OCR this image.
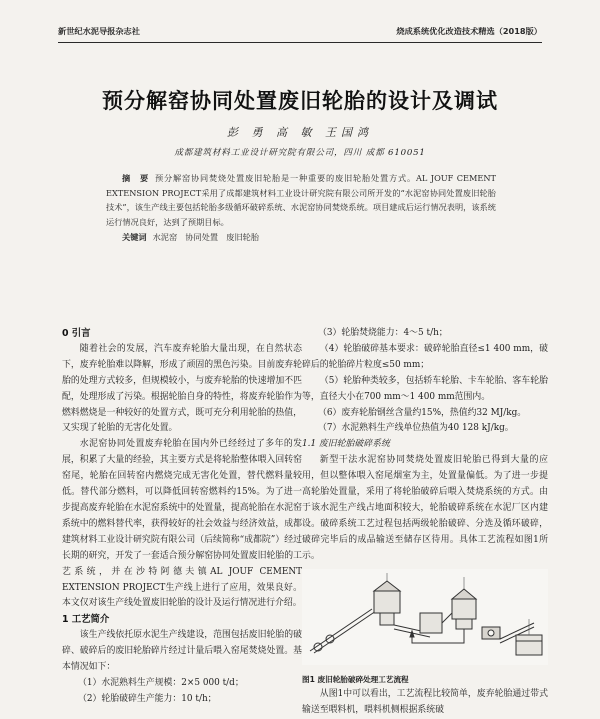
新世纪水泥导报杂志社	烧成系统优化改造技术精选（2018版）
预分解窑协同处置废旧轮胎的设计及调试
彭 勇 高 敏 王国鸿
成都建筑材料工业设计研究院有限公司，四川 成都 610051
摘　要 预分解窑协同焚烧处置废旧轮胎是一种重要的废旧轮胎处置方式。AL JOUF CEMENT EXTENSION PROJECT采用了成都建筑材料工业设计研究院有限公司所开发的“水泥窑协同处置废旧轮胎技术”，该生产线主要包括轮胎多级循环破碎系统、水泥窑协同焚烧系统。项目建成后运行情况表明，该系统运行情况良好，达到了预期目标。
关键词 水泥窑　协同处置　废旧轮胎

0 引言

随着社会的发展，汽车废弃轮胎大量出现，在自然状态下，废弃轮胎难以降解，形成了顽固的黑色污染。目前废弃轮胎的处理方式较多，但规模较小，与废弃轮胎的快速增加不匹配，处理形成了污染。根据轮胎自身的特性，将废弃轮胎作为燃料燃烧是一种较好的处置方式，既可充分利用轮胎的热值，又实现了轮胎的无害化处置。

水泥窑协同处置废弃轮胎在国内外已经经过了多年的发展，积累了大量的经验，其主要方式是将轮胎整体喂入回转窑窑尾，轮胎在回转窑内燃烧完成无害化处置，替代燃料量较低。替代部分燃料，可以降低回转窑燃料约15%。为了进一步提高废弃轮胎在水泥窑系统中的处置量，提高轮胎在水泥窑系统中的燃料替代率，获得较好的社会效益与经济效益，成都建筑材料工业设计研究院有限公司（后续简称“成都院”）经过长期的研究，开发了一套适合预分解窑协同处置废旧轮胎的工艺系统，并在沙特阿德夫镇AL JOUF CEMENT EXTENSION PROJECT生产线上进行了应用，效果良好。本文仅对该生产线处置废旧轮胎的设计及运行情况进行介绍。

1 工艺简介

该生产线依托原水泥生产线建设，范围包括废旧轮胎的破碎、破碎后的废旧轮胎碎片经过计量后喂入窑尾焚烧处置。基本情况如下：

（1）水泥熟料生产规模：2×5 000 t/d；

（2）轮胎破碎生产能力：10 t/h；

（3）轮胎焚烧能力：4～5 t/h；

（4）轮胎破碎基本要求：破碎轮胎直径≤1 400 mm，破碎后的轮胎碎片粒度≤50 mm；

（5）轮胎种类较多，包括轿车轮胎、卡车轮胎、客车轮胎等，直径大小在700 mm～1 400 mm范围内。

（6）废弃轮胎钢丝含量约15%，热值约32 MJ/kg。

（7）水泥熟料生产线单位热值为40 128 kJ/kg。

1.1 废旧轮胎破碎系统

新型干法水泥窑协同焚烧处置废旧轮胎已得到大量的应用，但以整体喂入窑尾烟室为主，处置量偏低。为了进一步提高轮胎处置量，采用了将轮胎破碎后喂入焚烧系统的方式。由于该水泥生产线占地面积较大，轮胎破碎系统在水泥厂区内建设。破碎系统工艺过程包括两级轮胎破碎、分选及循环破碎，破碎完毕后的成品输送至储存区待用。具体工艺流程如图1所示。

图1 废旧轮胎破碎处理工艺流程

从图1中可以看出，工艺流程比较简单，废弃轮胎通过带式输送至喂料机，喂料机侧根据系统破
